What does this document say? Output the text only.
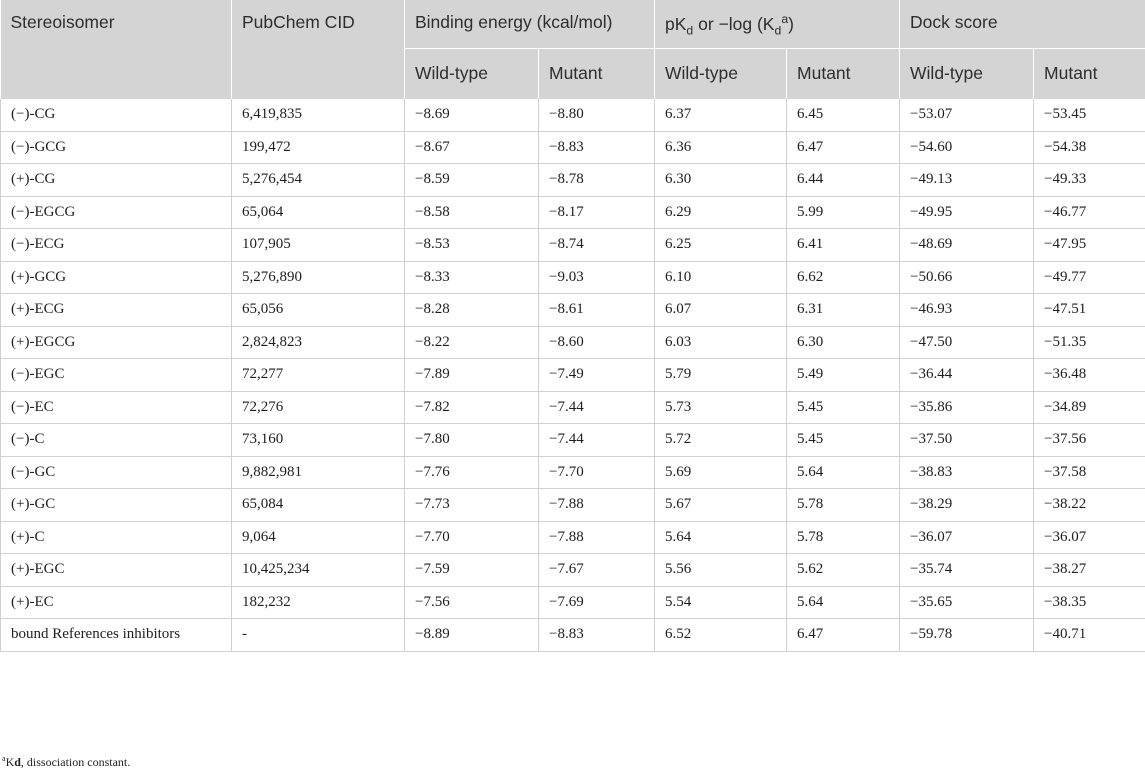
Stereoisomer	PubChem CID	Binding energy (kcal/mol)		$pK_d$ or −log $(K_d^a)$		Dock score	
		Wild-type	Mutant	Wild-type	Mutant	Wild-type	Mutant
(−)-CG	6,419,835	−8.69	−8.80	6.37	6.45	−53.07	−53.45
(−)-GCG	199,472	−8.67	−8.83	6.36	6.47	−54.60	−54.38
(+)-CG	5,276,454	−8.59	−8.78	6.30	6.44	−49.13	−49.33
(−)-EGCG	65,064	−8.58	−8.17	6.29	5.99	−49.95	−46.77
(−)-ECG	107,905	−8.53	−8.74	6.25	6.41	−48.69	−47.95
(+)-GCG	5,276,890	−8.33	−9.03	6.10	6.62	−50.66	−49.77
(+)-ECG	65,056	−8.28	−8.61	6.07	6.31	−46.93	−47.51
(+)-EGCG	2,824,823	−8.22	−8.60	6.03	6.30	−47.50	−51.35
(−)-EGC	72,277	−7.89	−7.49	5.79	5.49	−36.44	−36.48
(−)-EC	72,276	−7.82	−7.44	5.73	5.45	−35.86	−34.89
(−)-C	73,160	−7.80	−7.44	5.72	5.45	−37.50	−37.56
(−)-GC	9,882,981	−7.76	−7.70	5.69	5.64	−38.83	−37.58
(+)-GC	65,084	−7.73	−7.88	5.67	5.78	−38.29	−38.22
(+)-C	9,064	−7.70	−7.88	5.64	5.78	−36.07	−36.07
(+)-EGC	10,425,234	−7.59	−7.67	5.56	5.62	−35.74	−38.27
(+)-EC	182,232	−7.56	−7.69	5.54	5.64	−35.65	−38.35
bound References inhibitors	-	−8.89	−8.83	6.52	6.47	−59.78	−40.71
$^a$Kd, dissociation constant.
